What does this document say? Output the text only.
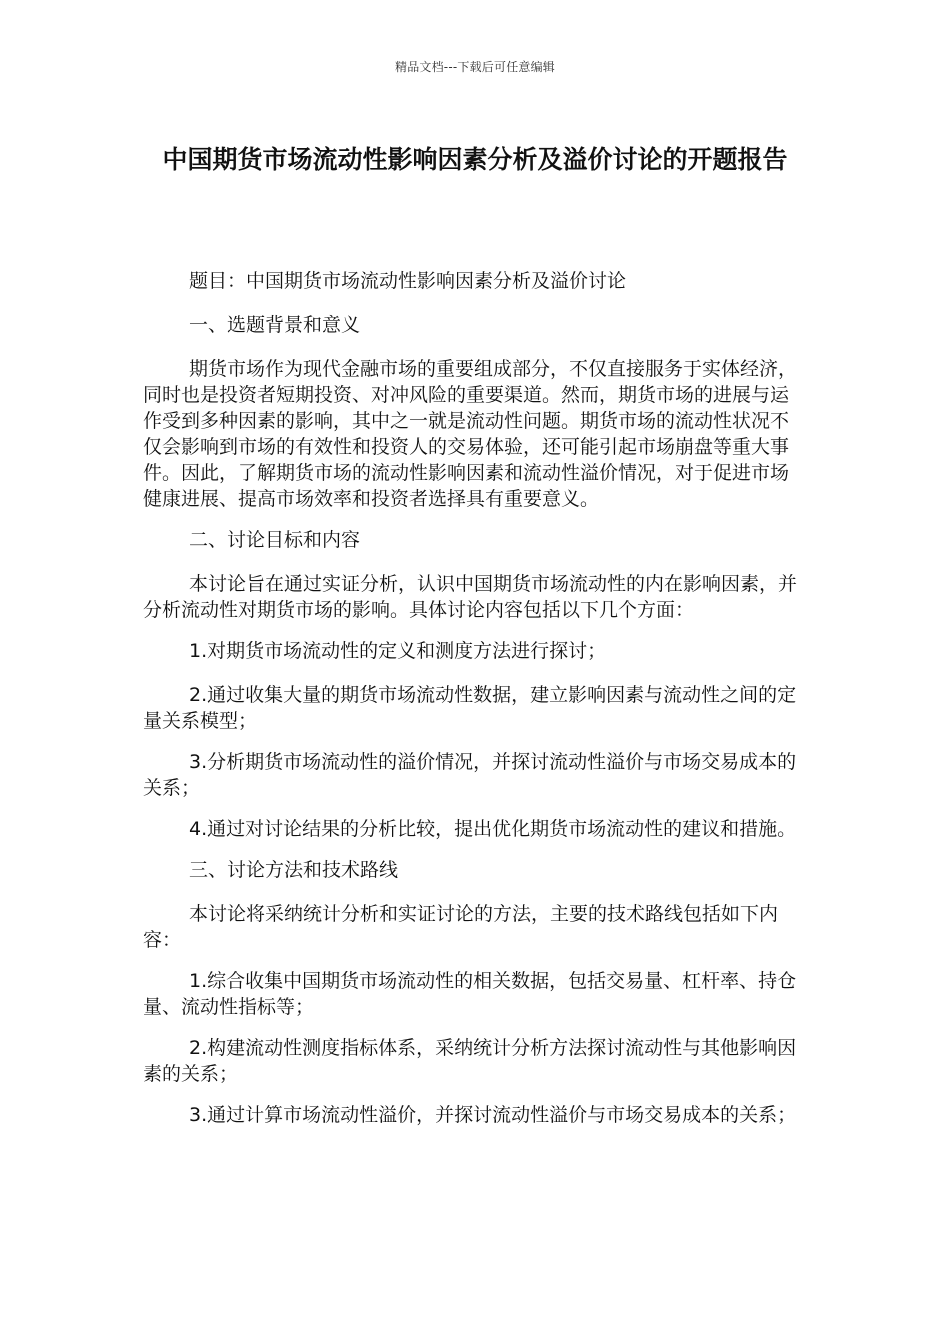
精品文档---下载后可任意编辑
中国期货市场流动性影响因素分析及溢价讨论的开题报告

题目：中国期货市场流动性影响因素分析及溢价讨论

一、选题背景和意义

期货市场作为现代金融市场的重要组成部分，不仅直接服务于实体经济，同时也是投资者短期投资、对冲风险的重要渠道。然而，期货市场的进展与运作受到多种因素的影响，其中之一就是流动性问题。期货市场的流动性状况不仅会影响到市场的有效性和投资人的交易体验，还可能引起市场崩盘等重大事件。因此，了解期货市场的流动性影响因素和流动性溢价情况，对于促进市场健康进展、提高市场效率和投资者选择具有重要意义。

二、讨论目标和内容

本讨论旨在通过实证分析，认识中国期货市场流动性的内在影响因素，并分析流动性对期货市场的影响。具体讨论内容包括以下几个方面：

1.对期货市场流动性的定义和测度方法进行探讨；

2.通过收集大量的期货市场流动性数据，建立影响因素与流动性之间的定量关系模型；

3.分析期货市场流动性的溢价情况，并探讨流动性溢价与市场交易成本的关系；

4.通过对讨论结果的分析比较，提出优化期货市场流动性的建议和措施。

三、讨论方法和技术路线

本讨论将采纳统计分析和实证讨论的方法，主要的技术路线包括如下内容：

1.综合收集中国期货市场流动性的相关数据，包括交易量、杠杆率、持仓量、流动性指标等；

2.构建流动性测度指标体系，采纳统计分析方法探讨流动性与其他影响因素的关系；

3.通过计算市场流动性溢价，并探讨流动性溢价与市场交易成本的关系；
